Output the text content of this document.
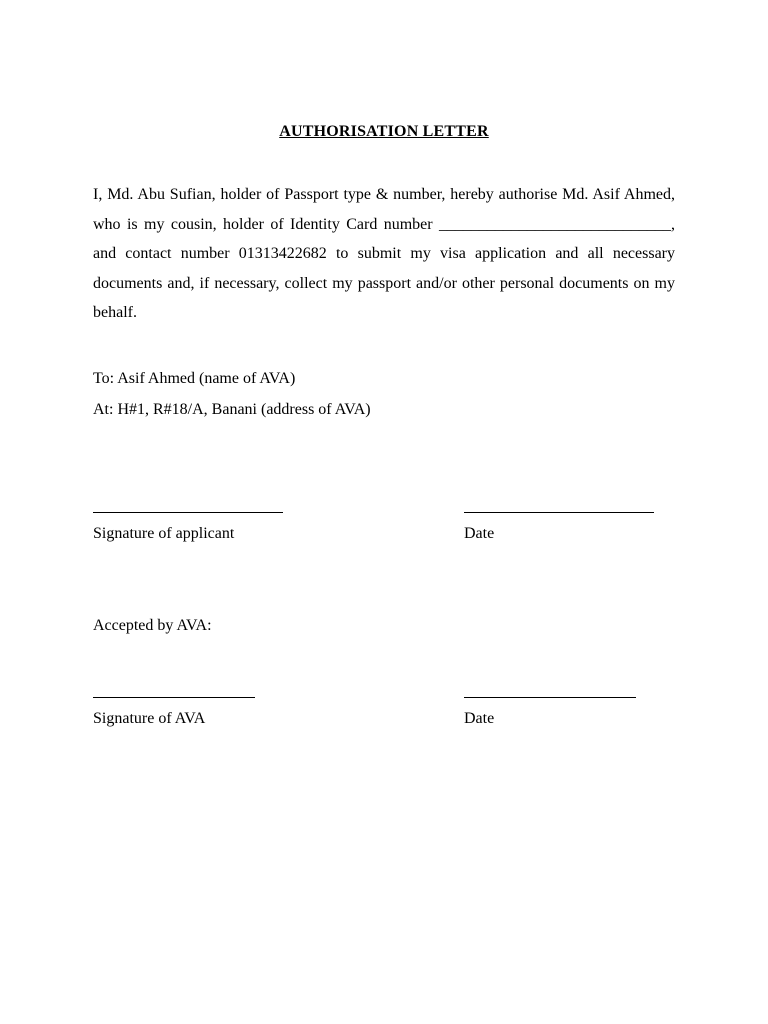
AUTHORISATION LETTER

I, Md. Abu Sufian, holder of Passport type & number, hereby authorise Md. Asif Ahmed, who is my cousin, holder of Identity Card number _____________________________, and contact number 01313422682 to submit my visa application and all necessary documents and, if necessary, collect my passport and/or other personal documents on my behalf.

To: Asif Ahmed (name of AVA)
At: H#1, R#18/A, Banani (address of AVA)
Signature of applicant	Date
Accepted by AVA:
Signature of AVA	Date
